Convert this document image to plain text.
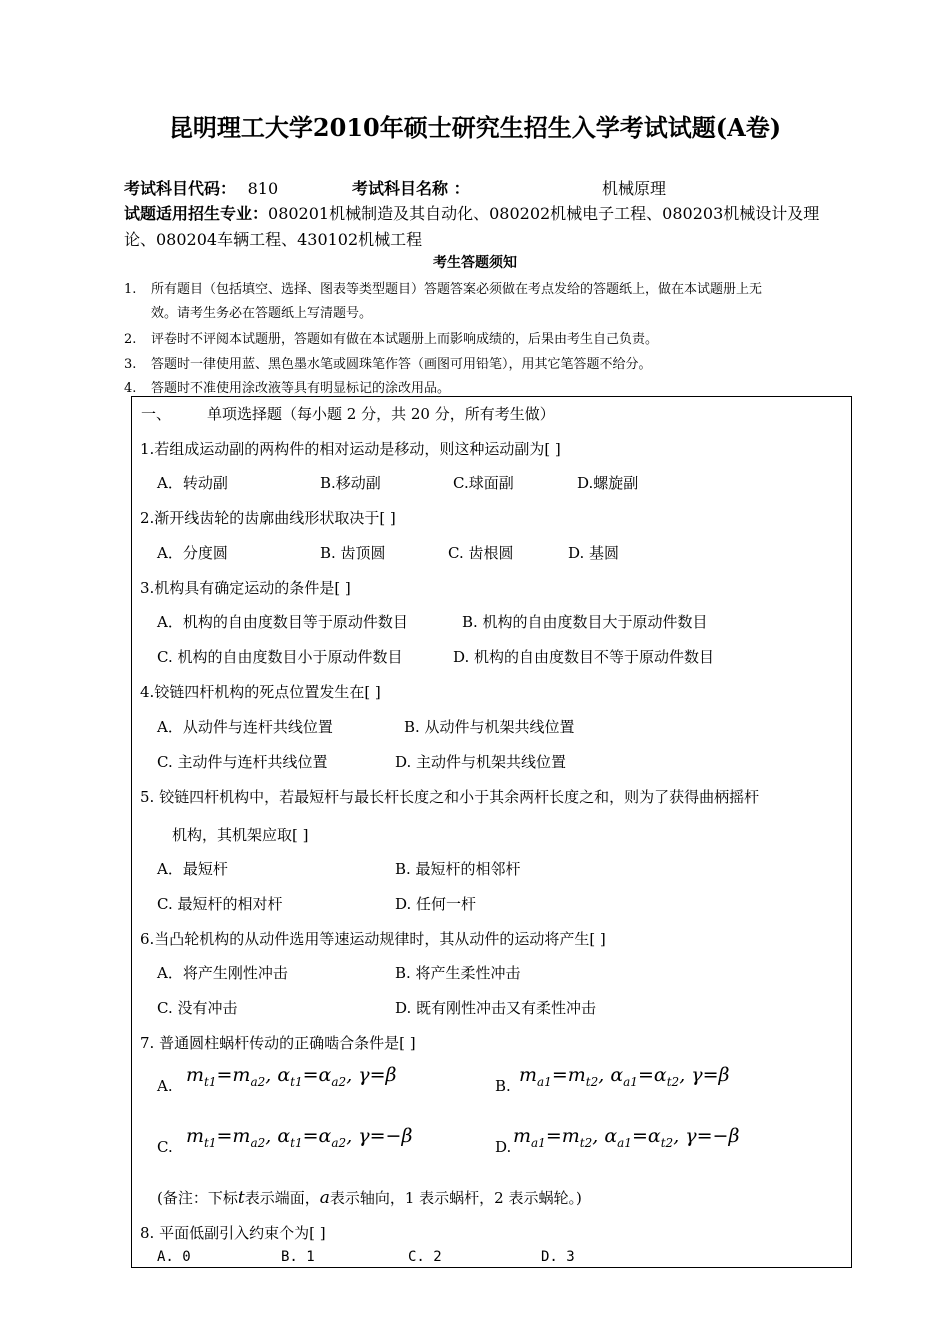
昆明理工大学2010年硕士研究生招生入学考试试题(A卷)
考试科目代码： 810	考试科目名称 ：	机械原理
试题适用招生专业：080201机械制造及其自动化、080202机械电子工程、080203机械设计及理论、080204车辆工程、430102机械工程
考生答题须知
1. 所有题目（包括填空、选择、图表等类型题目）答题答案必须做在考点发给的答题纸上，做在本试题册上无
效。请考生务必在答题纸上写清题号。
2. 评卷时不评阅本试题册，答题如有做在本试题册上而影响成绩的，后果由考生自己负责。
3. 答题时一律使用蓝、黑色墨水笔或圆珠笔作答（画图可用铅笔），用其它笔答题不给分。
4. 答题时不准使用涂改液等具有明显标记的涂改用品。
一、 单项选择题（每小题 2 分，共 20 分，所有考生做）
1.若组成运动副的两构件的相对运动是移动，则这种运动副为[ ]
A．转动副	B.移动副	C.球面副	D.螺旋副
2.渐开线齿轮的齿廓曲线形状取决于[ ]
A．分度圆	B. 齿顶圆	C. 齿根圆	D. 基圆
3.机构具有确定运动的条件是[ ]
A．机构的自由度数目等于原动件数目	B. 机构的自由度数目大于原动件数目
C. 机构的自由度数目小于原动件数目	D. 机构的自由度数目不等于原动件数目
4.铰链四杆机构的死点位置发生在[ ]
A．从动件与连杆共线位置	B. 从动件与机架共线位置
C. 主动件与连杆共线位置	D. 主动件与机架共线位置
5. 铰链四杆机构中，若最短杆与最长杆长度之和小于其余两杆长度之和，则为了获得曲柄摇杆
机构，其机架应取[ ]
A．最短杆	B. 最短杆的相邻杆
C. 最短杆的相对杆	D. 任何一杆
6.当凸轮机构的从动件选用等速运动规律时，其从动件的运动将产生[ ]
A．将产生刚性冲击	B. 将产生柔性冲击
C. 没有冲击	D. 既有刚性冲击又有柔性冲击
7. 普通圆柱蜗杆传动的正确啮合条件是[ ]
A. $m_{t1}=m_{a2}$, $\alpha_{t1}=\alpha_{a2}$, γ=β	B. $m_{a1}=m_{t2}$, $\alpha_{a1}=\alpha_{t2}$, γ=β
C. $m_{t1}=m_{a2}$, $\alpha_{t1}=\alpha_{a2}$, γ=−β	D. $m_{a1}=m_{t2}$, $\alpha_{a1}=\alpha_{t2}$, γ=−β
(备注：下标t表示端面，a表示轴向，1 表示蜗杆，2 表示蜗轮。)
8. 平面低副引入约束个为[ ]
A. 0	B. 1	C. 2	D. 3
